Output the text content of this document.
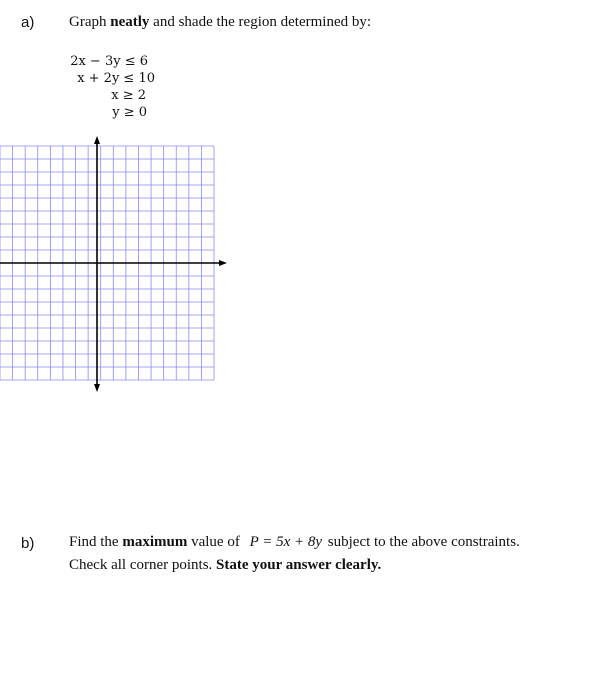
a) Graph neatly and shade the region determined by:
2x − 3y ≤ 6
x + 2y ≤ 10
x ≥ 2
y ≥ 0
b) Find the maximum value of P = 5x + 8y subject to the above constraints.
Check all corner points. State your answer clearly.
